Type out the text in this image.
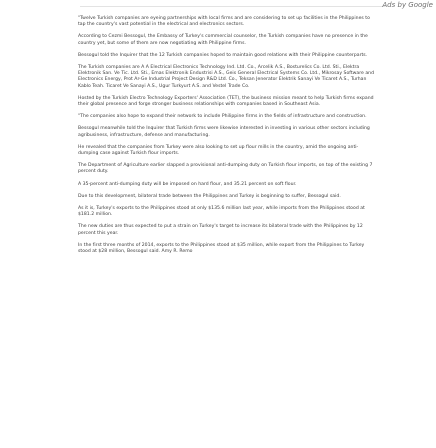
Ads by Google

"Twelve Turkish companies are eyeing partnerships with local firms and are considering to set up facilities in the Philippines to tap the country's vast potential in the electrical and electronics sectors.

According to Cezmi Bessogul, the Embassy of Turkey's commercial counselor, the Turkish companies have no presence in the country yet, but some of them are now negotiating with Philippine firms.

Bessogul told the Inquirer that the 12 Turkish companies hoped to maintain good relations with their Philippine counterparts.

The Turkish companies are A A Electrical Electronics Technology Ind. Ltd. Co., Arcelik A.S., Bosturelics Co. Ltd. Sti., Elektra Elektronik San. Ve Tic. Ltd. Sti., Emas Elektronik Endustrisi A.S., Geis General Electrical Systems Co. Ltd., Mikrosay Software and Electronics Energy, Prot Ar-Ge Industrial Project Design R&D Ltd. Co., Teksan Jenerator Elektrik Sanayi Ve Ticaret A.S., Turhan Kablo Teah. Ticaret Ve Sanayi A.S., Ugur Turkyurt A.S. and Vestel Trade Co.

Hosted by the Turkish Electro Technology Exporters' Association (TET), the business mission meant to help Turkish firms expand their global presence and forge stronger business relationships with companies based in Southeast Asia.

"The companies also hope to expand their network to include Philippine firms in the fields of infrastructure and construction.

Bessogul meanwhile told the Inquirer that Turkish firms were likewise interested in investing in various other sectors including agribusiness, infrastructure, defense and manufacturing.

He revealed that the companies from Turkey were also looking to set up flour mills in the country, amid the ongoing anti-dumping case against Turkish flour imports.

The Department of Agriculture earlier slapped a provisional anti-dumping duty on Turkish flour imports, on top of the existing 7 percent duty.

A 35-percent anti-dumping duty will be imposed on hard flour, and 35.21 percent on soft flour.

Due to this development, bilateral trade between the Philippines and Turkey is beginning to suffer, Bessogul said.

As it is, Turkey's exports to the Philippines stood at only $135.6 million last year, while imports from the Philippines stood at $181.2 million.

The new duties are thus expected to put a strain on Turkey's target to increase its bilateral trade with the Philippines by 12 percent this year.

In the first three months of 2014, exports to the Philippines stood at $35 million, while export from the Philippines to Turkey stood at $28 million, Bessogul said. Amy R. Remo
